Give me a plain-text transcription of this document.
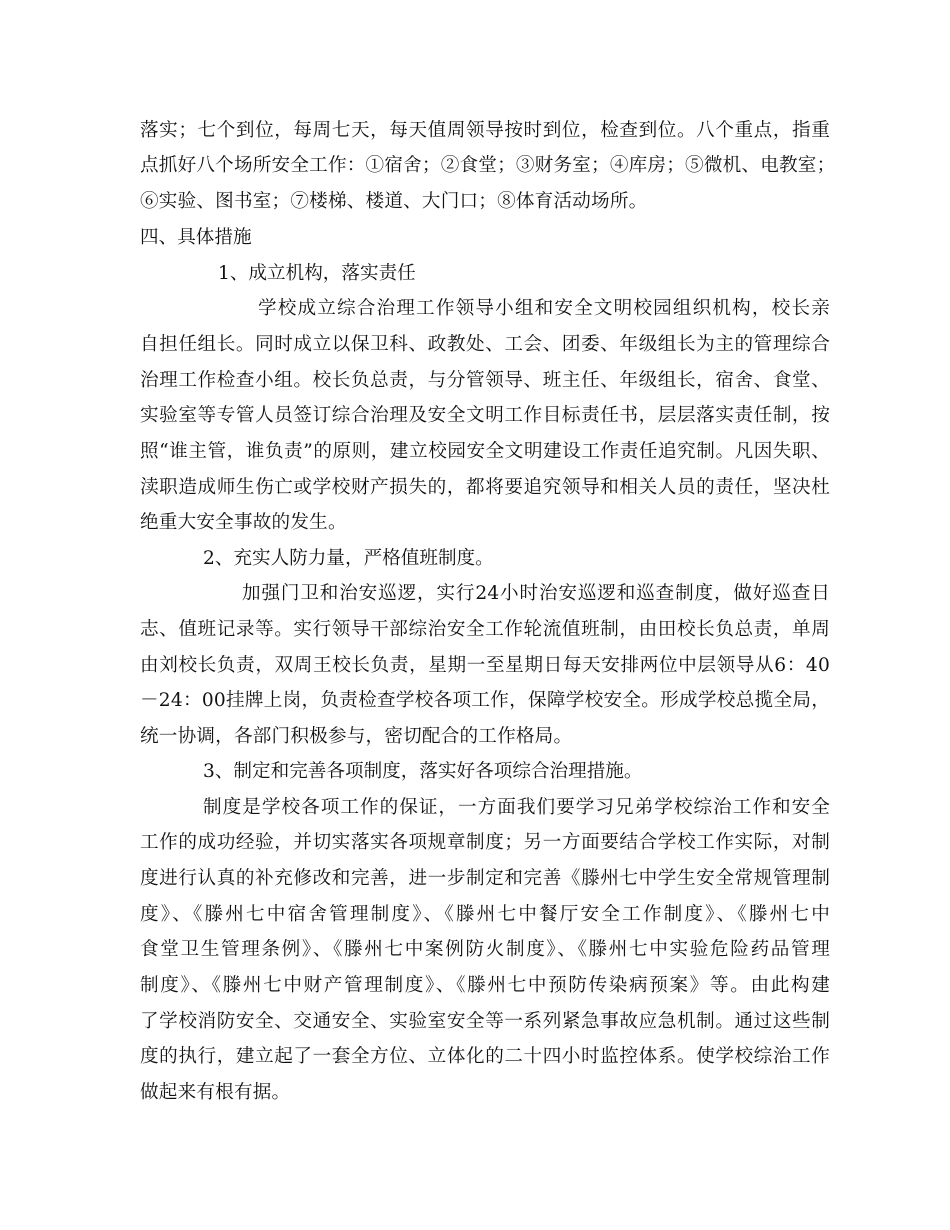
落实；七个到位，每周七天，每天值周领导按时到位，检查到位。八个重点，指重
点抓好八个场所安全工作：①宿舍；②食堂；③财务室；④库房；⑤微机、电教室；
⑥实验、图书室；⑦楼梯、楼道、大门口；⑧体育活动场所。
四、具体措施
1、成立机构，落实责任
学校成立综合治理工作领导小组和安全文明校园组织机构，校长亲
自担任组长。同时成立以保卫科、政教处、工会、团委、年级组长为主的管理综合
治理工作检查小组。校长负总责，与分管领导、班主任、年级组长，宿舍、食堂、
实验室等专管人员签订综合治理及安全文明工作目标责任书，层层落实责任制，按
照“谁主管，谁负责”的原则，建立校园安全文明建设工作责任追究制。凡因失职、
渎职造成师生伤亡或学校财产损失的，都将要追究领导和相关人员的责任，坚决杜
绝重大安全事故的发生。
2、充实人防力量，严格值班制度。
加强门卫和治安巡逻，实行24小时治安巡逻和巡查制度，做好巡查日
志、值班记录等。实行领导干部综治安全工作轮流值班制，由田校长负总责，单周
由刘校长负责，双周王校长负责，星期一至星期日每天安排两位中层领导从6：40
－24：00挂牌上岗，负责检查学校各项工作，保障学校安全。形成学校总揽全局，
统一协调，各部门积极参与，密切配合的工作格局。
3、制定和完善各项制度，落实好各项综合治理措施。
制度是学校各项工作的保证，一方面我们要学习兄弟学校综治工作和安全
工作的成功经验，并切实落实各项规章制度；另一方面要结合学校工作实际，对制
度进行认真的补充修改和完善，进一步制定和完善《滕州七中学生安全常规管理制
度》、《滕州七中宿舍管理制度》、《滕州七中餐厅安全工作制度》、《滕州七中
食堂卫生管理条例》、《滕州七中案例防火制度》、《滕州七中实验危险药品管理
制度》、《滕州七中财产管理制度》、《滕州七中预防传染病预案》等。由此构建
了学校消防安全、交通安全、实验室安全等一系列紧急事故应急机制。通过这些制
度的执行，建立起了一套全方位、立体化的二十四小时监控体系。使学校综治工作
做起来有根有据。
